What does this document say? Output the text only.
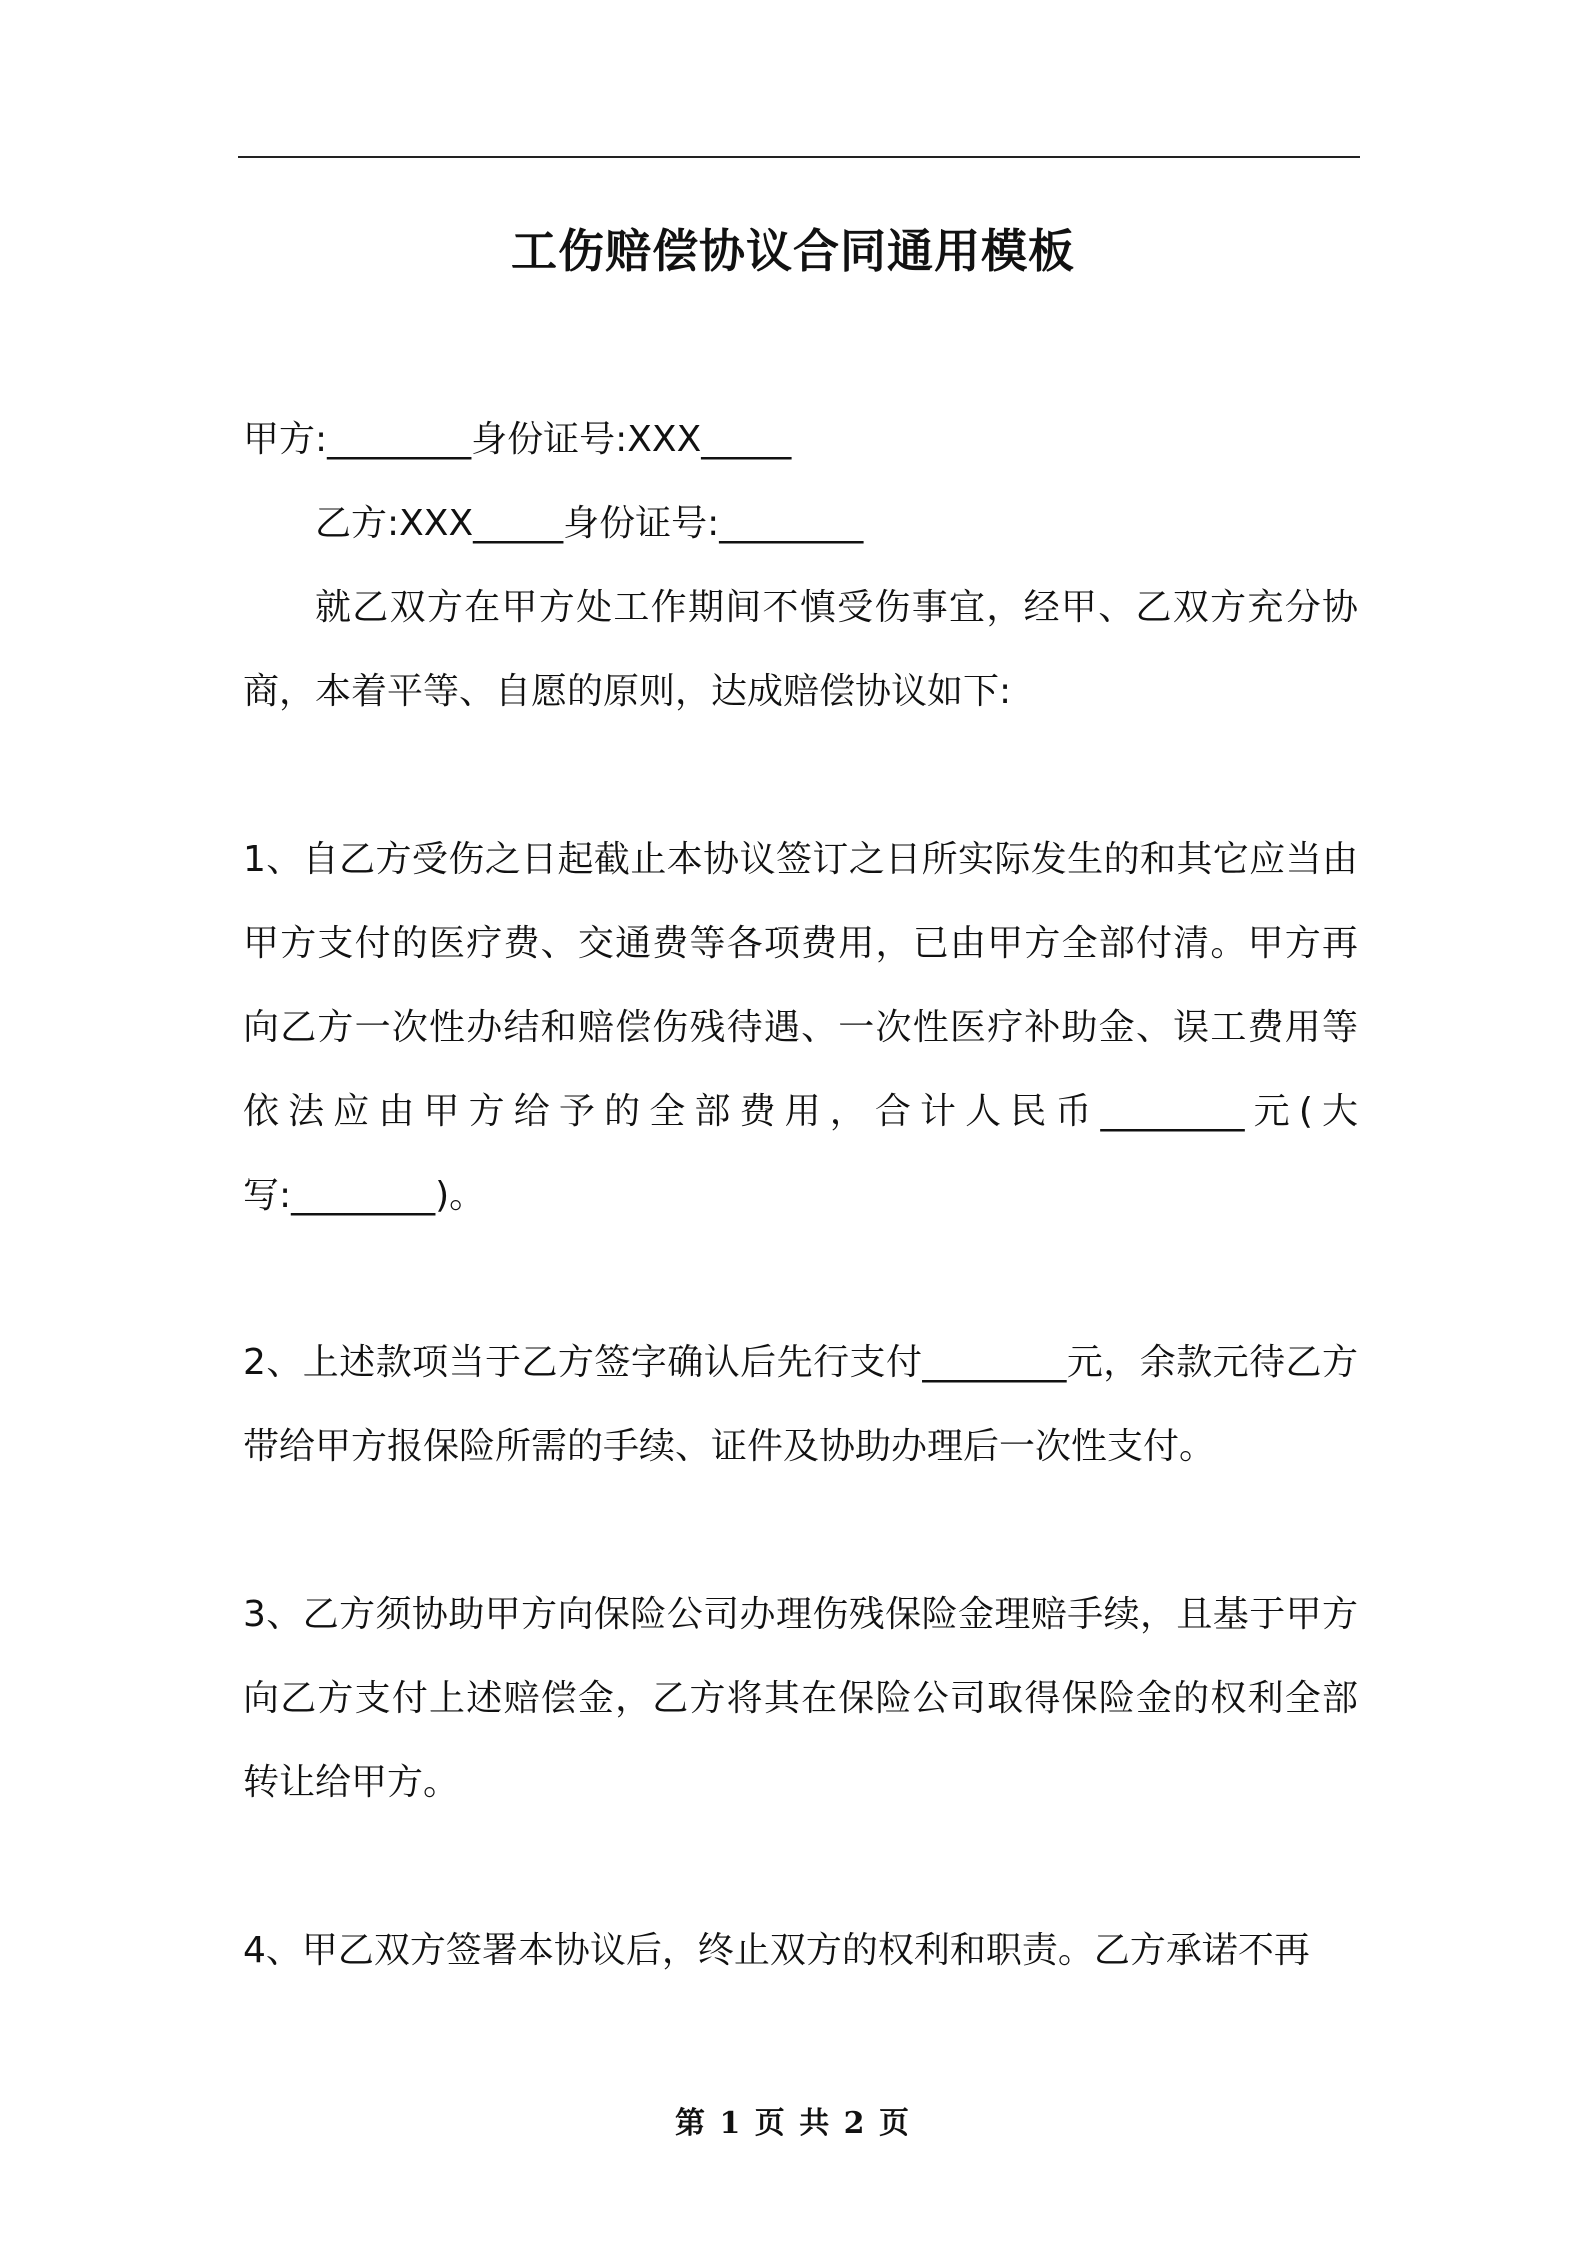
工伤赔偿协议合同通用模板

甲方:________身份证号:XXX_____

乙方:XXX_____身份证号:________

就乙双方在甲方处工作期间不慎受伤事宜，经甲、乙双方充分协商，本着平等、自愿的原则，达成赔偿协议如下:

1、自乙方受伤之日起截止本协议签订之日所实际发生的和其它应当由甲方支付的医疗费、交通费等各项费用，已由甲方全部付清。甲方再向乙方一次性办结和赔偿伤残待遇、一次性医疗补助金、误工费用等依法应由甲方给予的全部费用，合计人民币________元(大写:________)。

2、上述款项当于乙方签字确认后先行支付________元，余款元待乙方带给甲方报保险所需的手续、证件及协助办理后一次性支付。

3、乙方须协助甲方向保险公司办理伤残保险金理赔手续，且基于甲方向乙方支付上述赔偿金，乙方将其在保险公司取得保险金的权利全部转让给甲方。

4、甲乙双方签署本协议后，终止双方的权利和职责。乙方承诺不再

第 1 页 共 2 页
